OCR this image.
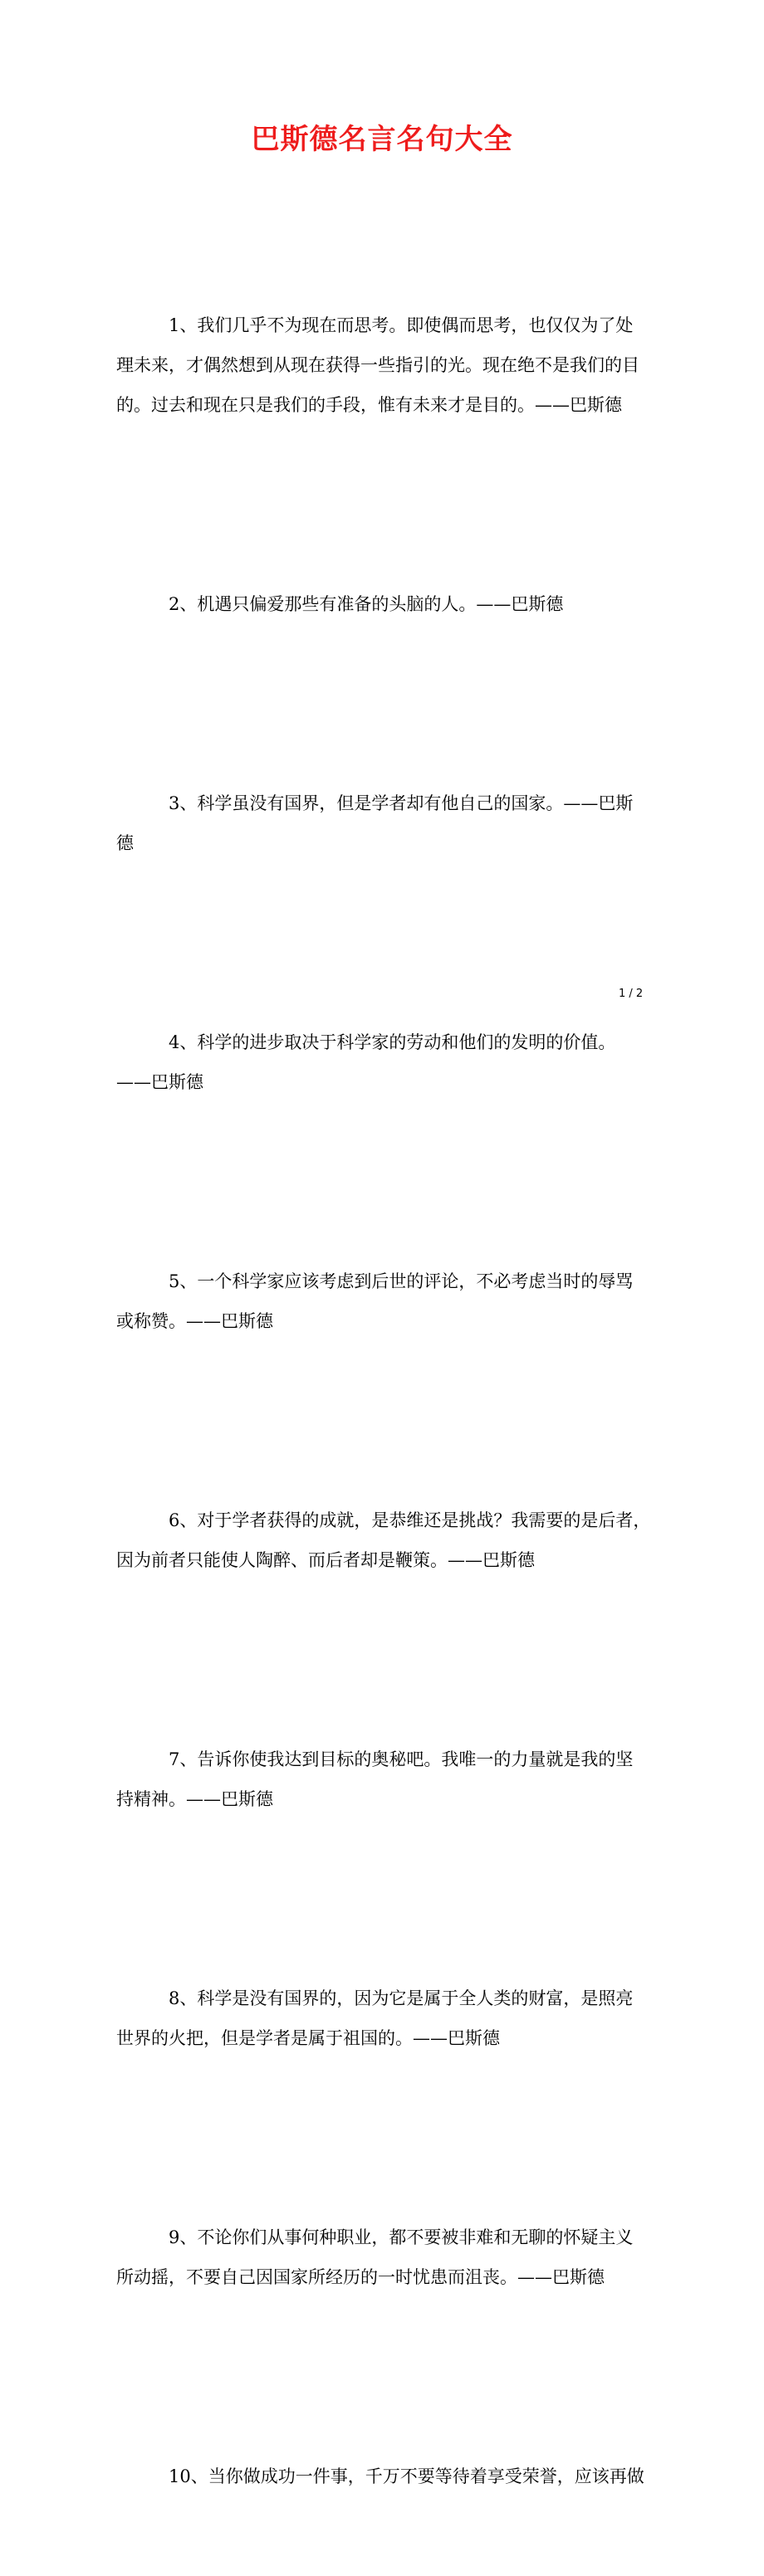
巴斯德名言名句大全

1、我们几乎不为现在而思考。即使偶而思考，也仅仅为了处
理未来，才偶然想到从现在获得一些指引的光。现在绝不是我们的目
的。过去和现在只是我们的手段，惟有未来才是目的。——巴斯德

2、机遇只偏爱那些有准备的头脑的人。——巴斯德

3、科学虽没有国界，但是学者却有他自己的国家。——巴斯
德

4、科学的进步取决于科学家的劳动和他们的发明的价值。
——巴斯德

5、一个科学家应该考虑到后世的评论，不必考虑当时的辱骂
或称赞。——巴斯德

6、对于学者获得的成就，是恭维还是挑战？我需要的是后者，
因为前者只能使人陶醉、而后者却是鞭策。——巴斯德

7、告诉你使我达到目标的奥秘吧。我唯一的力量就是我的坚
持精神。——巴斯德

8、科学是没有国界的，因为它是属于全人类的财富，是照亮
世界的火把，但是学者是属于祖国的。——巴斯德

9、不论你们从事何种职业，都不要被非难和无聊的怀疑主义
所动摇，不要自己因国家所经历的一时忧患而沮丧。——巴斯德

10、当你做成功一件事，千万不要等待着享受荣誉，应该再做

1 / 2
